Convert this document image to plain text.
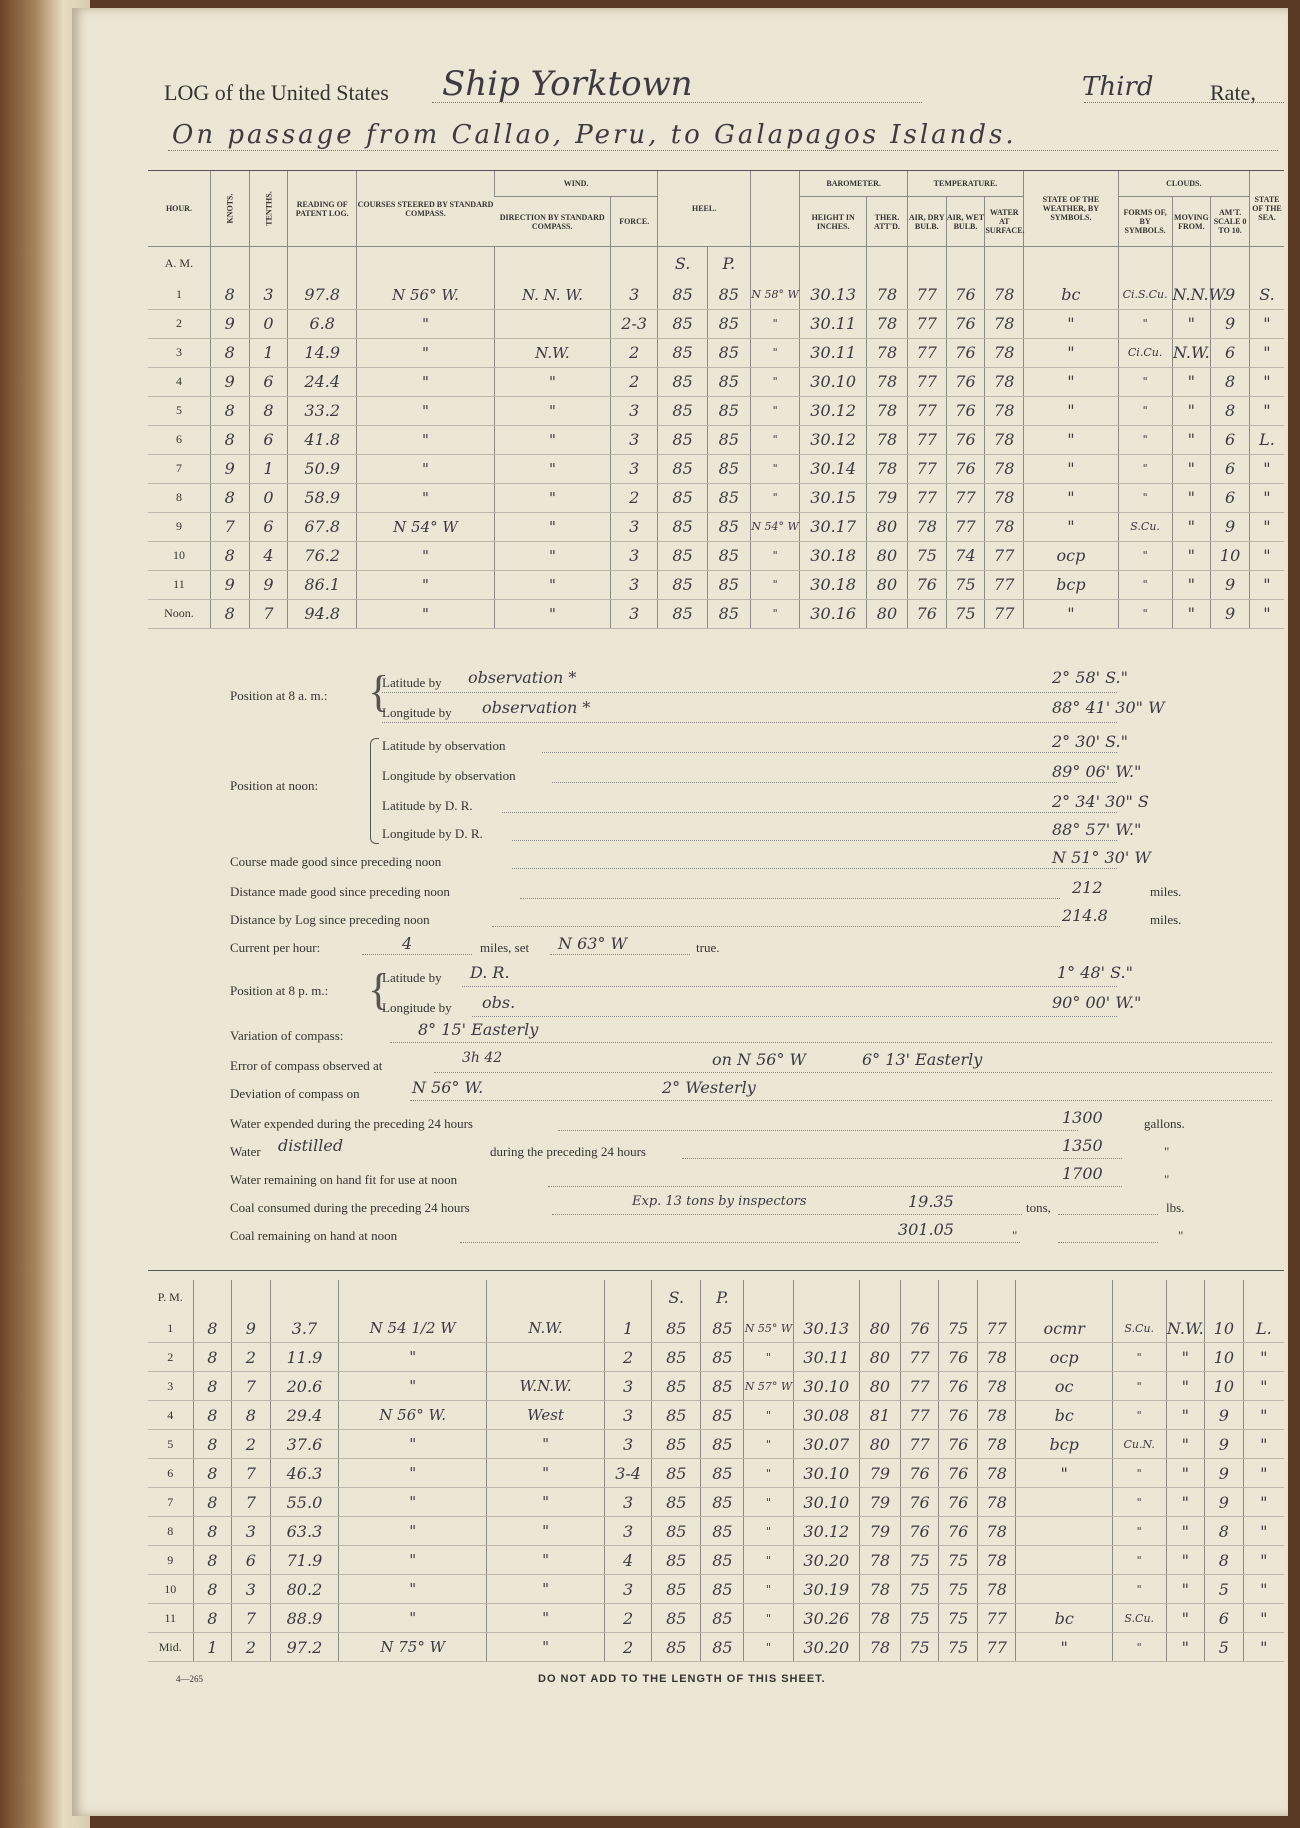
LOG of the United States Ship Yorktown	Third	Rate,
On passage from Callao, Peru, to Galapagos Islands.
HOUR.	KNOTS.	TENTHS.	READING OF PATENT LOG.	COURSES STEERED BY STANDARD COMPASS.	WIND.		HEEL.			BAROMETER.		TEMPERATURE.			STATE OF THE WEATHER, BY SYMBOLS.	CLOUDS.			STATE OF THE SEA.

					DIRECTION BY STANDARD COMPASS.	FORCE.				HEIGHT IN INCHES.	THER. ATT'D.	AIR, DRY BULB.	AIR, WET BULB.	WATER AT SURFACE.		FORMS OF, BY SYMBOLS.	MOVING FROM.	AM'T. SCALE 0 TO 10.	

A. M.							S.	P.											
1	8	3	97.8	N 56° W.	N. N. W.	3	85	85	N 58° W	30.13	78	77	76	78	bc	Ci.S.Cu.	N.N.W.	9	S.
2	9	0	6.8	"		2-3	85	85	"	30.11	78	77	76	78	"	"	"	9	"
3	8	1	14.9	"	N.W.	2	85	85	"	30.11	78	77	76	78	"	Ci.Cu.	N.W.	6	"
4	9	6	24.4	"	"	2	85	85	"	30.10	78	77	76	78	"	"	"	8	"
5	8	8	33.2	"	"	3	85	85	"	30.12	78	77	76	78	"	"	"	8	"
6	8	6	41.8	"	"	3	85	85	"	30.12	78	77	76	78	"	"	"	6	L.
7	9	1	50.9	"	"	3	85	85	"	30.14	78	77	76	78	"	"	"	6	"
8	8	0	58.9	"	"	2	85	85	"	30.15	79	77	77	78	"	"	"	6	"
9	7	6	67.8	N 54° W	"	3	85	85	N 54° W	30.17	80	78	77	78	"	S.Cu.	"	9	"
10	8	4	76.2	"	"	3	85	85	"	30.18	80	75	74	77	ocp	"	"	10	"
11	9	9	86.1	"	"	3	85	85	"	30.18	80	76	75	77	bcp	"	"	9	"
Noon.	8	7	94.8	"	"	3	85	85	"	30.16	80	76	75	77	"	"	"	9	"
Position at 8 a. m.: {
Latitude by observation *	2° 58' S."
Longitude by observation *	88° 41' 30" W
Position at noon:
Latitude by observation	2° 30' S."
Longitude by observation	89° 06' W."
Latitude by D. R.	2° 34' 30" S
Longitude by D. R.	88° 57' W."
Course made good since preceding noon	N 51° 30' W
Distance made good since preceding noon	212	miles.
Distance by Log since preceding noon	214.8	miles.
Current per hour:	4	miles, set N 63° W	true.
Position at 8 p. m.: {
Latitude by D. R.	1° 48' S."
Longitude by obs.	90° 00' W."
Variation of compass:	8° 15' Easterly
Error of compass observed at	3h 42	on N 56° W	6° 13' Easterly
Deviation of compass on	N 56° W.	2° Westerly
Water expended during the preceding 24 hours	1300	gallons.
Water distilled	during the preceding 24 hours	1350	"
Water remaining on hand fit for use at noon	1700	"
Coal consumed during the preceding 24 hours	Exp. 13 tons by inspectors	19.35	tons,	lbs.
Coal remaining on hand at noon	301.05	"	"
P. M.							S.	P.											
1	8	9	3.7	N 54 1/2 W	N.W.	1	85	85	N 55° W	30.13	80	76	75	77	ocmr	S.Cu.	N.W.	10	L.
2	8	2	11.9	"		2	85	85	"	30.11	80	77	76	78	ocp	"	"	10	"
3	8	7	20.6	"	W.N.W.	3	85	85	N 57° W	30.10	80	77	76	78	oc	"	"	10	"
4	8	8	29.4	N 56° W.	West	3	85	85	"	30.08	81	77	76	78	bc	"	"	9	"
5	8	2	37.6	"	"	3	85	85	"	30.07	80	77	76	78	bcp	Cu.N.	"	9	"
6	8	7	46.3	"	"	3-4	85	85	"	30.10	79	76	76	78	"	"	"	9	"
7	8	7	55.0	"	"	3	85	85	"	30.10	79	76	76	78		"	"	9	"
8	8	3	63.3	"	"	3	85	85	"	30.12	79	76	76	78		"	"	8	"
9	8	6	71.9	"	"	4	85	85	"	30.20	78	75	75	78		"	"	8	"
10	8	3	80.2	"	"	3	85	85	"	30.19	78	75	75	78		"	"	5	"
11	8	7	88.9	"	"	2	85	85	"	30.26	78	75	75	77	bc	S.Cu.	"	6	"
Mid.	1	2	97.2	N 75° W	"	2	85	85	"	30.20	78	75	75	77	"	"	"	5	"
4—265	DO NOT ADD TO THE LENGTH OF THIS SHEET.
